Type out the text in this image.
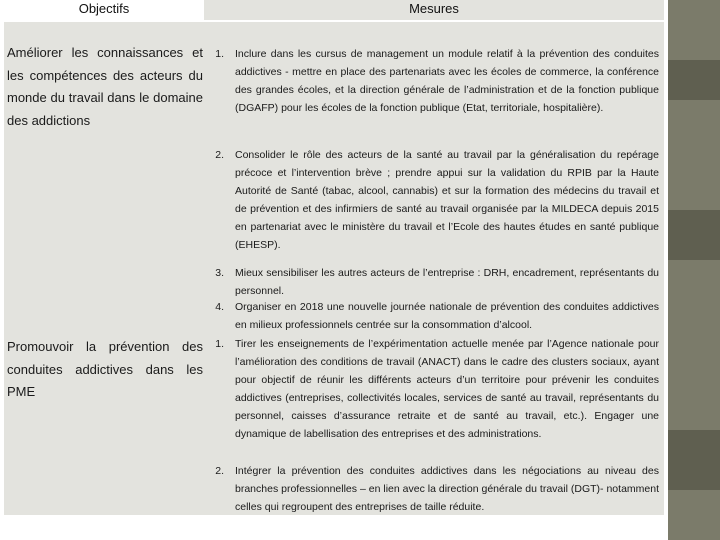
Objectifs	Mesures
Améliorer les connaissances et les compétences des acteurs du monde du travail dans le domaine des addictions
1. Inclure dans les cursus de management un module relatif à la prévention des conduites addictives - mettre en place des partenariats avec les écoles de commerce, la conférence des grandes écoles, et la direction générale de l’administration et de la fonction publique (DGAFP) pour les écoles de la fonction publique (Etat, territoriale, hospitalière).
2. Consolider le rôle des acteurs de la santé au travail par la généralisation du repérage précoce et l’intervention brève ; prendre appui sur la validation du RPIB par la Haute Autorité de Santé (tabac, alcool, cannabis) et sur la formation des médecins du travail et de prévention et des infirmiers de santé au travail organisée par la MILDECA depuis 2015 en partenariat avec le ministère du travail et l’Ecole des hautes études en santé publique (EHESP).
3. Mieux sensibiliser les autres acteurs de l’entreprise : DRH, encadrement, représentants du personnel.
4. Organiser en 2018 une nouvelle journée nationale de prévention des conduites addictives en milieux professionnels centrée sur la consommation d’alcool.
Promouvoir la prévention des conduites addictives dans les PME
1. Tirer les enseignements de l’expérimentation actuelle menée par l’Agence nationale pour l’amélioration des conditions de travail (ANACT) dans le cadre des clusters sociaux, ayant pour objectif de réunir les différents acteurs d’un territoire pour prévenir les conduites addictives (entreprises, collectivités locales, services de santé au travail, représentants du personnel, caisses d’assurance retraite et de santé au travail, etc.). Engager une dynamique de labellisation des entreprises et des administrations.
2. Intégrer la prévention des conduites addictives dans les négociations au niveau des branches professionnelles – en lien avec la direction générale du travail (DGT)- notamment celles qui regroupent des entreprises de taille réduite.
